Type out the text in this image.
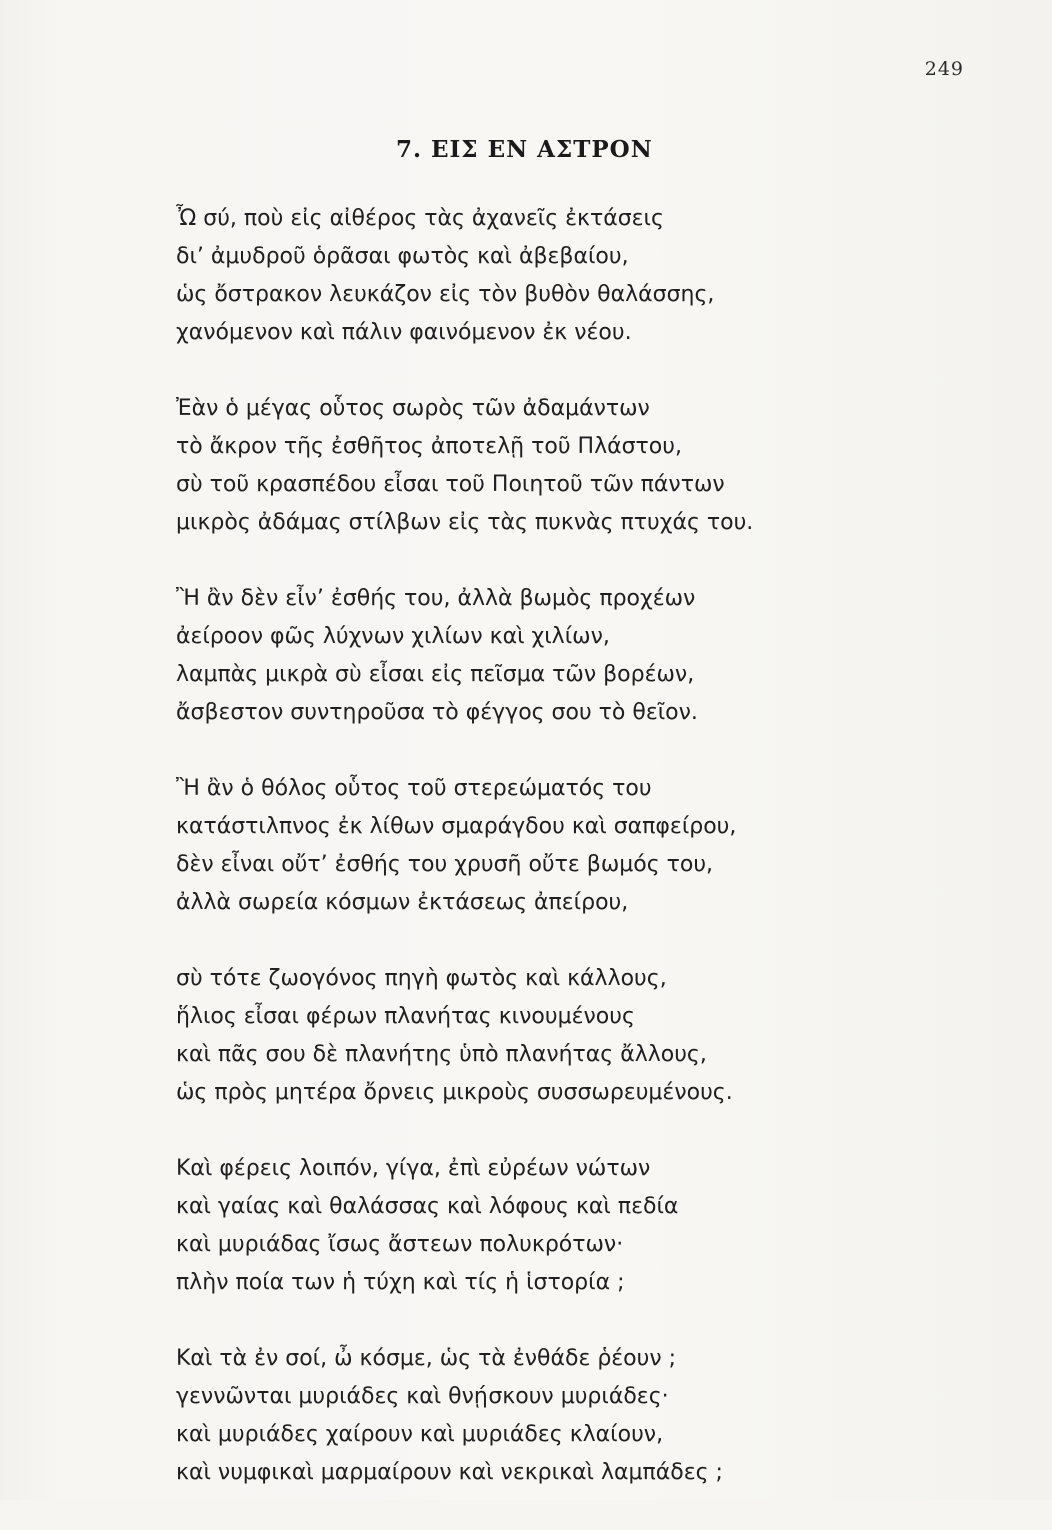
249
7. ΕΙΣ ΕΝ ΑΣΤΡΟΝ
Ὦ σύ, ποὺ εἰς αἰθέρος τὰς ἀχανεῖς ἐκτάσεις
δι’ ἀμυδροῦ ὁρᾶσαι φωτὸς καὶ ἀβεβαίου,
ὡς ὄστρακον λευκάζον εἰς τὸν βυθὸν θαλάσσης,
χανόμενον καὶ πάλιν φαινόμενον ἐκ νέου.
Ἐὰν ὁ μέγας οὗτος σωρὸς τῶν ἀδαμάντων
τὸ ἄκρον τῆς ἐσθῆτος ἀποτελῇ τοῦ Πλάστου,
σὺ τοῦ κρασπέδου εἶσαι τοῦ Ποιητοῦ τῶν πάντων
μικρὸς ἀδάμας στίλβων εἰς τὰς πυκνὰς πτυχάς του.
Ἢ ἂν δὲν εἶν’ ἐσθής του, ἀλλὰ βωμὸς προχέων
ἀείροον φῶς λύχνων χιλίων καὶ χιλίων,
λαμπὰς μικρὰ σὺ εἶσαι εἰς πεῖσμα τῶν βορέων,
ἄσβεστον συντηροῦσα τὸ φέγγος σου τὸ θεῖον.
Ἢ ἂν ὁ θόλος οὗτος τοῦ στερεώματός του
κατάστιλπνος ἐκ λίθων σμαράγδου καὶ σαπφείρου,
δὲν εἶναι οὔτ’ ἐσθής του χρυσῆ οὔτε βωμός του,
ἀλλὰ σωρεία κόσμων ἐκτάσεως ἀπείρου,
σὺ τότε ζωογόνος πηγὴ φωτὸς καὶ κάλλους,
ἥλιος εἶσαι φέρων πλανήτας κινουμένους
καὶ πᾶς σου δὲ πλανήτης ὑπὸ πλανήτας ἄλλους,
ὡς πρὸς μητέρα ὄρνεις μικροὺς συσσωρευμένους.
Καὶ φέρεις λοιπόν, γίγα, ἐπὶ εὐρέων νώτων
καὶ γαίας καὶ θαλάσσας καὶ λόφους καὶ πεδία
καὶ μυριάδας ἴσως ἄστεων πολυκρότων·
πλὴν ποία των ἡ τύχη καὶ τίς ἡ ἱστορία ;
Καὶ τὰ ἐν σοί, ὦ κόσμε, ὡς τὰ ἐνθάδε ῥέουν ;
γεννῶνται μυριάδες καὶ θνῄσκουν μυριάδες·
καὶ μυριάδες χαίρουν καὶ μυριάδες κλαίουν,
καὶ νυμφικαὶ μαρμαίρουν καὶ νεκρικαὶ λαμπάδες ;
